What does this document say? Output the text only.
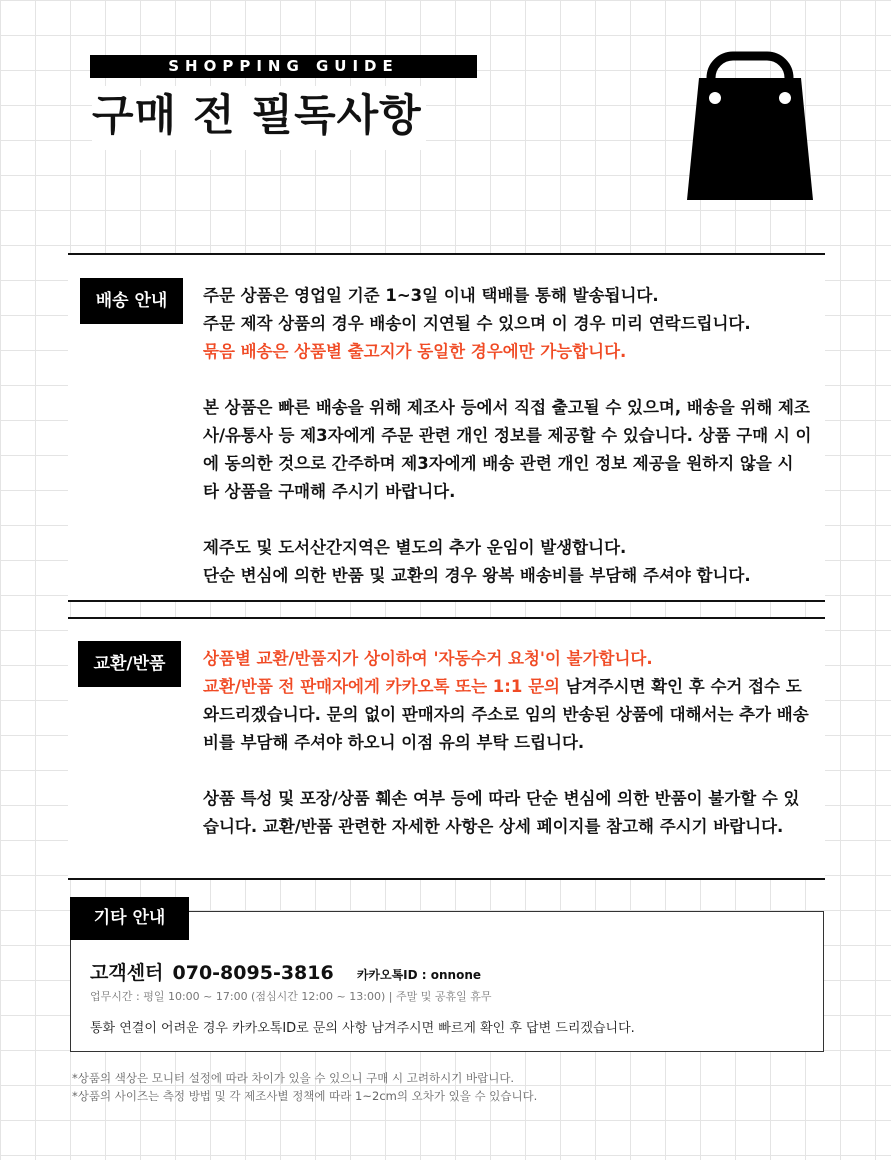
SHOPPING GUIDE
구매 전 필독사항
배송 안내	주문 상품은 영업일 기준 1~3일 이내 택배를 통해 발송됩니다.
주문 제작 상품의 경우 배송이 지연될 수 있으며 이 경우 미리 연락드립니다.
묶음 배송은 상품별 출고지가 동일한 경우에만 가능합니다.

본 상품은 빠른 배송을 위해 제조사 등에서 직접 출고될 수 있으며, 배송을 위해 제조사/유통사 등 제3자에게 주문 관련 개인 정보를 제공할 수 있습니다. 상품 구매 시 이에 동의한 것으로 간주하며 제3자에게 배송 관련 개인 정보 제공을 원하지 않을 시 타 상품을 구매해 주시기 바랍니다.

제주도 및 도서산간지역은 별도의 추가 운임이 발생합니다.
단순 변심에 의한 반품 및 교환의 경우 왕복 배송비를 부담해 주셔야 합니다.

교환/반품	상품별 교환/반품지가 상이하여 '자동수거 요청'이 불가합니다.
교환/반품 전 판매자에게 카카오톡 또는 1:1 문의 남겨주시면 확인 후 수거 접수 도와드리겠습니다. 문의 없이 판매자의 주소로 임의 반송된 상품에 대해서는 추가 배송비를 부담해 주셔야 하오니 이점 유의 부탁 드립니다.

상품 특성 및 포장/상품 훼손 여부 등에 따라 단순 변심에 의한 반품이 불가할 수 있습니다. 교환/반품 관련한 자세한 사항은 상세 페이지를 참고해 주시기 바랍니다.

기타 안내
고객센터 070-8095-3816 카카오톡ID : onnone
업무시간 : 평일 10:00 ~ 17:00 (점심시간 12:00 ~ 13:00) | 주말 및 공휴일 휴무
통화 연결이 어려운 경우 카카오톡ID로 문의 사항 남겨주시면 빠르게 확인 후 답변 드리겠습니다.
*상품의 색상은 모니터 설정에 따라 차이가 있을 수 있으니 구매 시 고려하시기 바랍니다.
*상품의 사이즈는 측정 방법 및 각 제조사별 정책에 따라 1~2cm의 오차가 있을 수 있습니다.
